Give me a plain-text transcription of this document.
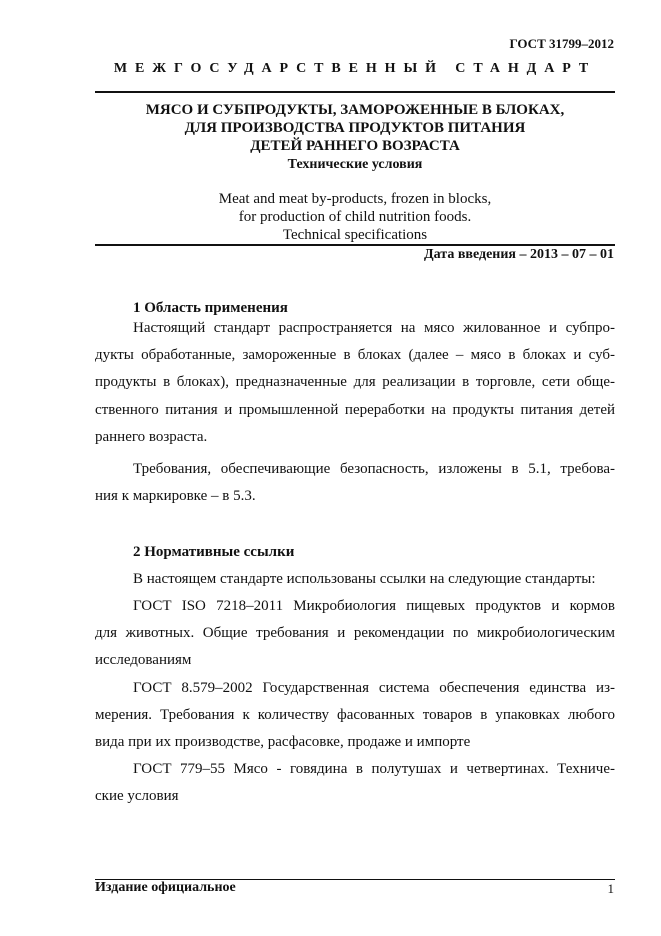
ГОСТ 31799–2012
МЕЖГОСУДАРСТВЕННЫЙ СТАНДАРТ
МЯСО И СУБПРОДУКТЫ, ЗАМОРОЖЕННЫЕ В БЛОКАХ,
ДЛЯ ПРОИЗВОДСТВА ПРОДУКТОВ ПИТАНИЯ
ДЕТЕЙ РАННЕГО ВОЗРАСТА
Технические условия
Meat and meat by-products, frozen in blocks,
for production of child nutrition foods.
Technical specifications
Дата введения – 2013 – 07 – 01
1 Область применения
Настоящий стандарт распространяется на мясо жилованное и субпро-
дукты обработанные, замороженные в блоках (далее – мясо в блоках и суб-
продукты в блоках), предназначенные для реализации в торговле, сети обще-
ственного питания и промышленной переработки на продукты питания детей
раннего возраста.
Требования, обеспечивающие безопасность, изложены в 5.1, требова-
ния к маркировке – в 5.3.
2 Нормативные ссылки
В настоящем стандарте использованы ссылки на следующие стандарты:
ГОСТ ISO 7218–2011 Микробиология пищевых продуктов и кормов
для животных. Общие требования и рекомендации по микробиологическим
исследованиям
ГОСТ 8.579–2002 Государственная система обеспечения единства из-
мерения. Требования к количеству фасованных товаров в упаковках любого
вида при их производстве, расфасовке, продаже и импорте
ГОСТ 779–55 Мясо - говядина в полутушах и четвертинах. Техниче-
ские условия
Издание официальное	1
